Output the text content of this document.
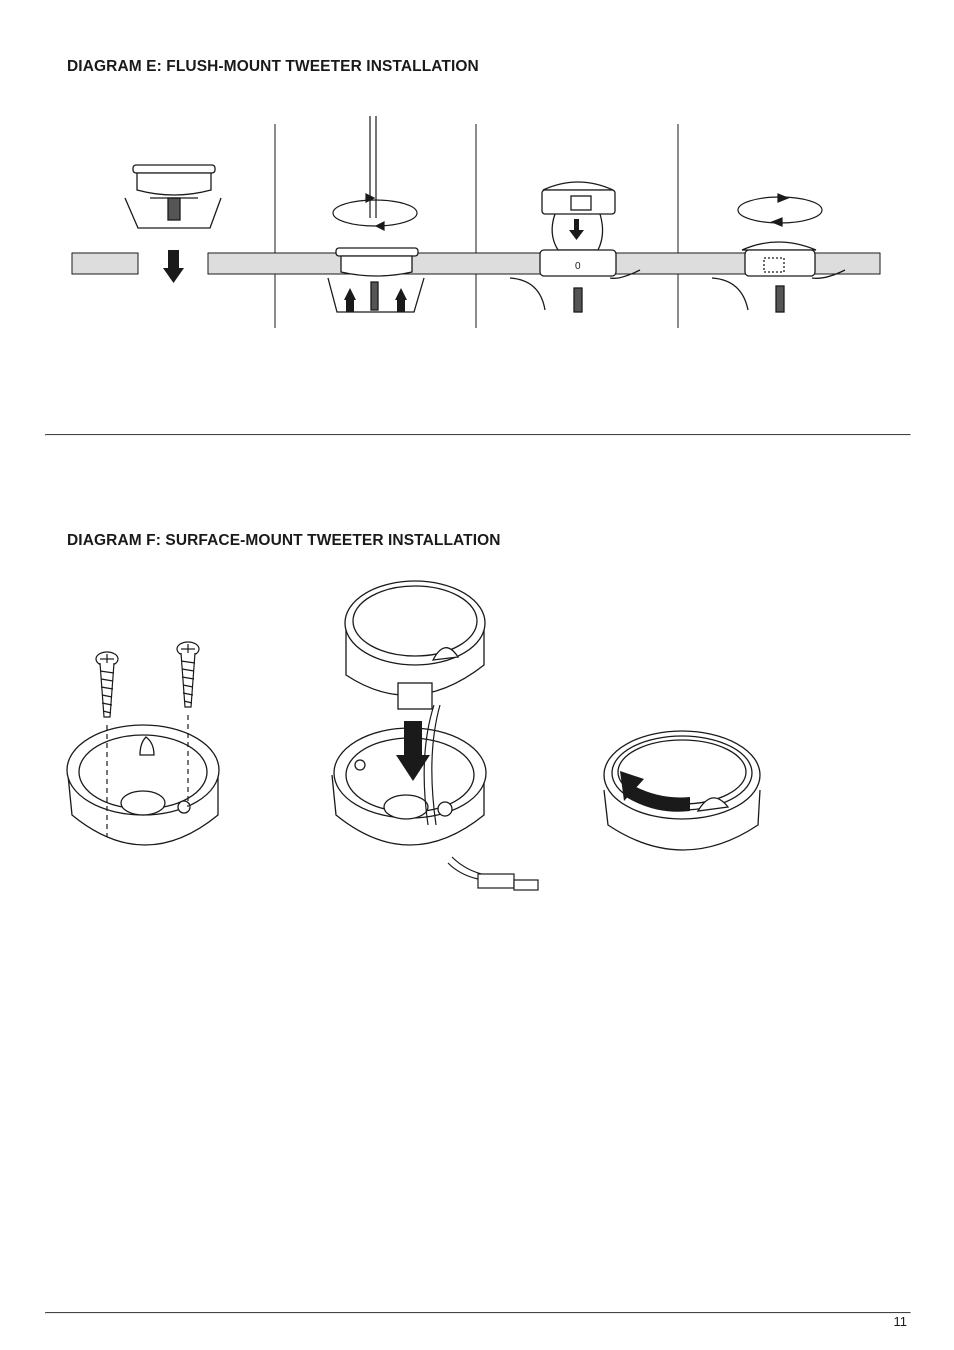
DIAGRAM E: FLUSH-MOUNT TWEETER INSTALLATION
0
DIAGRAM F: SURFACE-MOUNT TWEETER INSTALLATION
11
